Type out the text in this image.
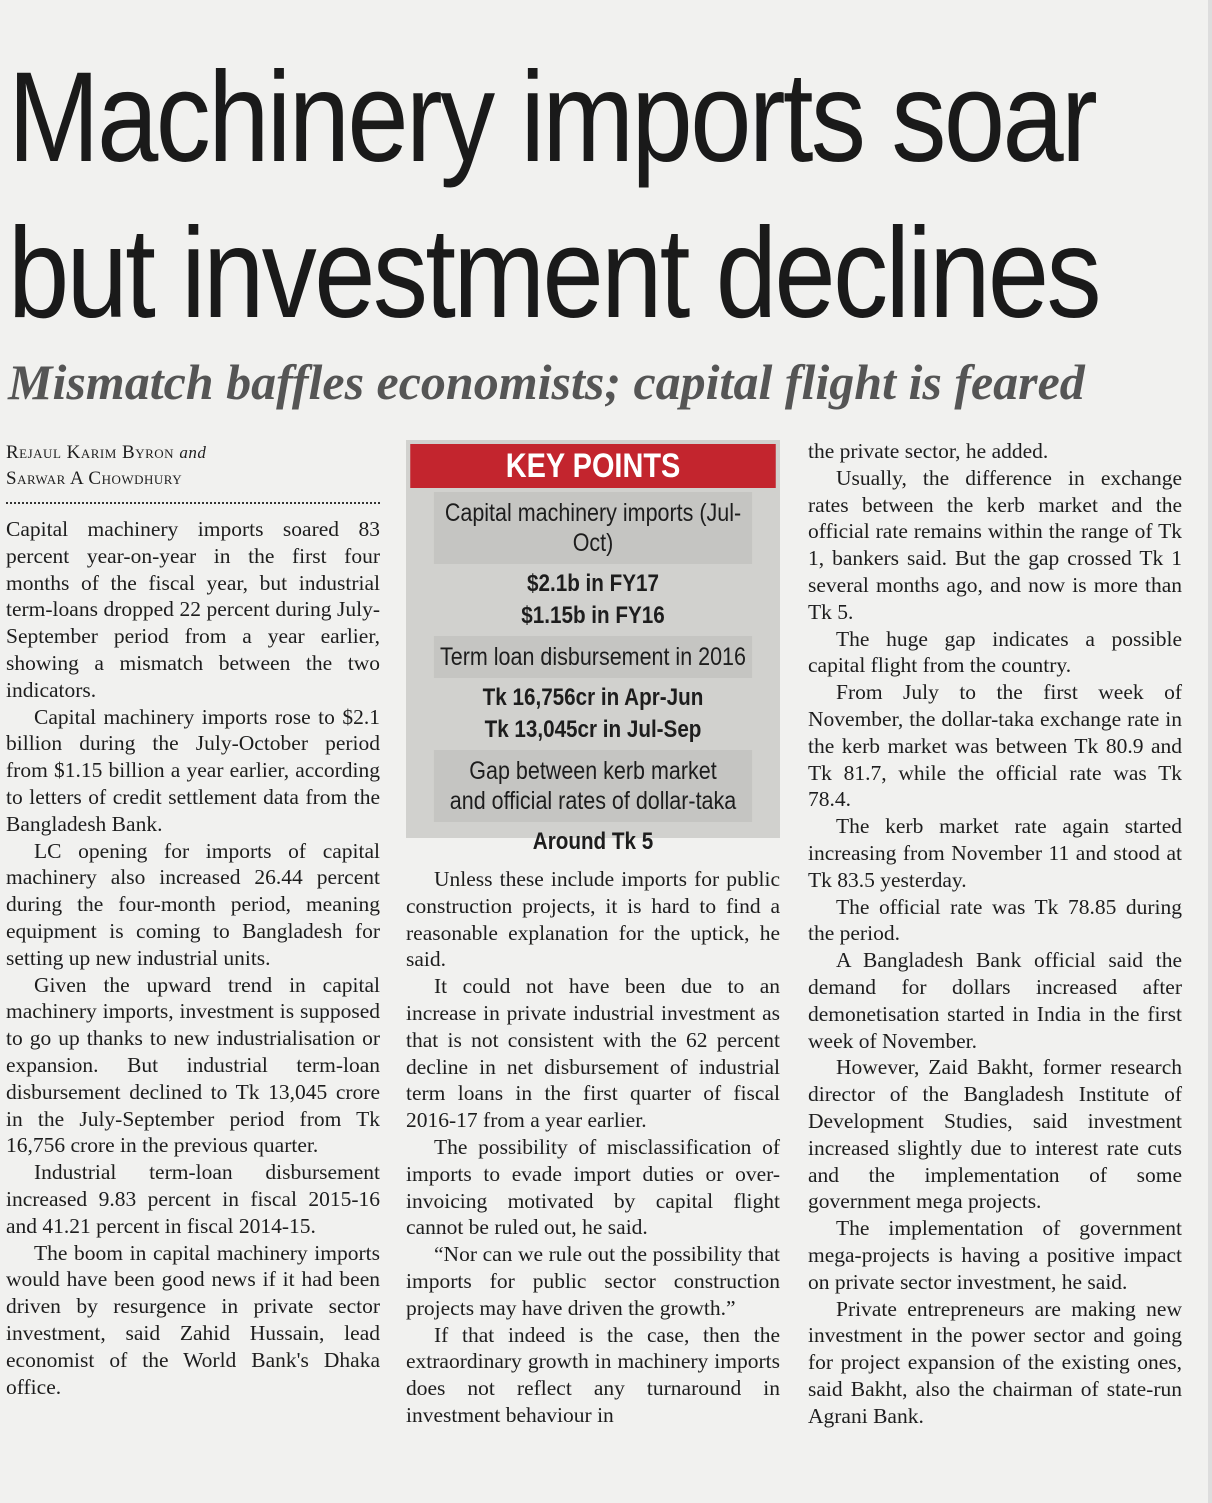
Machinery imports soar
but investment declines
Mismatch baffles economists; capital flight is feared
Rejaul Karim Byron and
Sarwar A Chowdhury

Capital machinery imports soared 83 percent year-on-year in the first four months of the fiscal year, but industrial term-loans dropped 22 percent during July-September period from a year earlier, showing a mismatch between the two indicators.

Capital machinery imports rose to $2.1 billion during the July-October period from $1.15 billion a year earlier, according to letters of credit settlement data from the Bangladesh Bank.

LC opening for imports of capital machinery also increased 26.44 percent during the four-month period, meaning equipment is coming to Bangladesh for setting up new industrial units.

Given the upward trend in capital machinery imports, investment is supposed to go up thanks to new industrialisation or expansion. But industrial term-loan disbursement declined to Tk 13,045 crore in the July-September period from Tk 16,756 crore in the previous quarter.

Industrial term-loan disbursement increased 9.83 percent in fiscal 2015-16 and 41.21 percent in fiscal 2014-15.

The boom in capital machinery imports would have been good news if it had been driven by resurgence in private sector investment, said Zahid Hussain, lead economist of the World Bank's Dhaka office.

KEY POINTS
Capital machinery imports (Jul-Oct)
$2.1b in FY17
$1.15b in FY16
Term loan disbursement in 2016
Tk 16,756cr in Apr-Jun
Tk 13,045cr in Jul-Sep
Gap between kerb market
and official rates of dollar-taka
Around Tk 5

Unless these include imports for public construction projects, it is hard to find a reasonable explanation for the uptick, he said.

It could not have been due to an increase in private industrial investment as that is not consistent with the 62 percent decline in net disbursement of industrial term loans in the first quarter of fiscal 2016-17 from a year earlier.

The possibility of misclassification of imports to evade import duties or over-invoicing motivated by capital flight cannot be ruled out, he said.

“Nor can we rule out the possibility that imports for public sector construction projects may have driven the growth.”

If that indeed is the case, then the extraordinary growth in machinery imports does not reflect any turnaround in investment behaviour in

the private sector, he added.

Usually, the difference in exchange rates between the kerb market and the official rate remains within the range of Tk 1, bankers said. But the gap crossed Tk 1 several months ago, and now is more than Tk 5.

The huge gap indicates a possible capital flight from the country.

From July to the first week of November, the dollar-taka exchange rate in the kerb market was between Tk 80.9 and Tk 81.7, while the official rate was Tk 78.4.

The kerb market rate again started increasing from November 11 and stood at Tk 83.5 yesterday.

The official rate was Tk 78.85 during the period.

A Bangladesh Bank official said the demand for dollars increased after demonetisation started in India in the first week of November.

However, Zaid Bakht, former research director of the Bangladesh Institute of Development Studies, said investment increased slightly due to interest rate cuts and the implementation of some government mega projects.

The implementation of government mega-projects is having a positive impact on private sector investment, he said.

Private entrepreneurs are making new investment in the power sector and going for project expansion of the existing ones, said Bakht, also the chairman of state-run Agrani Bank.
